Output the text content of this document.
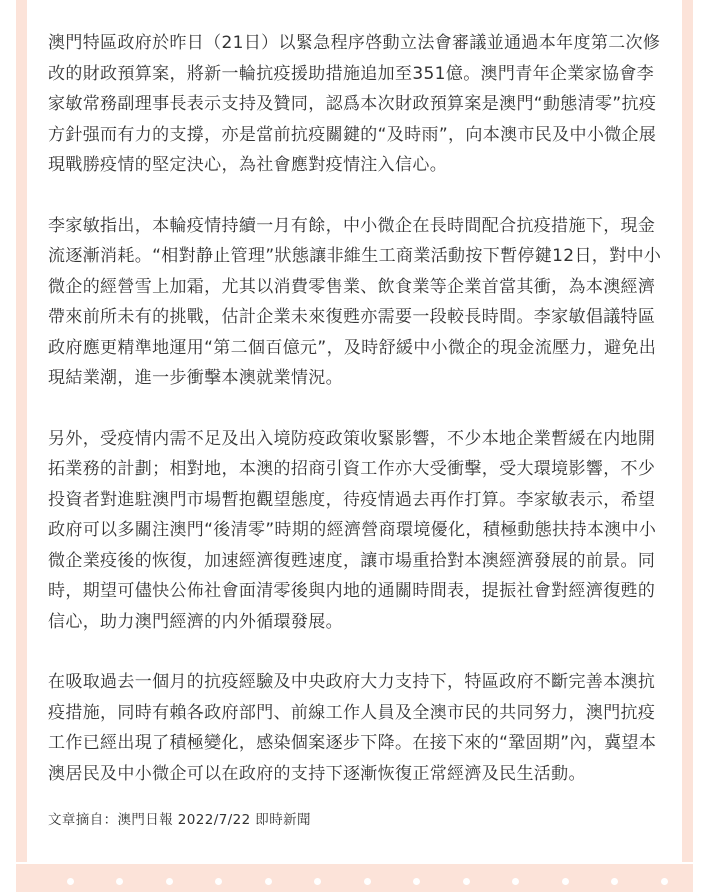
澳門特區政府於昨日（21日）以緊急程序啓動立法會審議並通過本年度第二次修改的財政預算案，將新一輪抗疫援助措施追加至351億。澳門青年企業家協會李家敏常務副理事長表示支持及贊同，認爲本次財政預算案是澳門“動態清零”抗疫方針强而有力的支撐，亦是當前抗疫關鍵的“及時雨”，向本澳市民及中小微企展現戰勝疫情的堅定決心，為社會應對疫情注入信心。

李家敏指出，本輪疫情持續一月有餘，中小微企在長時間配合抗疫措施下，現金流逐漸消耗。“相對静止管理”狀態讓非維生工商業活動按下暫停鍵12日，對中小微企的經營雪上加霜，尤其以消費零售業、飲食業等企業首當其衝，為本澳經濟帶來前所未有的挑戰，估計企業未來復甦亦需要一段較長時間。李家敏倡議特區政府應更精準地運用“第二個百億元”，及時舒緩中小微企的現金流壓力，避免出現結業潮，進一步衝擊本澳就業情況。

另外，受疫情内需不足及出入境防疫政策收緊影響，不少本地企業暫緩在内地開拓業務的計劃；相對地，本澳的招商引資工作亦大受衝擊，受大環境影響，不少投資者對進駐澳門市場暫抱觀望態度，待疫情過去再作打算。李家敏表示，希望政府可以多關注澳門“後清零”時期的經濟營商環境優化，積極動態扶持本澳中小微企業疫後的恢復，加速經濟復甦速度，讓市場重拾對本澳經濟發展的前景。同時，期望可儘快公佈社會面清零後與内地的通關時間表，提振社會對經濟復甦的信心，助力澳門經濟的内外循環發展。

在吸取過去一個月的抗疫經驗及中央政府大力支持下，特區政府不斷完善本澳抗疫措施，同時有賴各政府部門、前線工作人員及全澳市民的共同努力，澳門抗疫工作已經出現了積極變化，感染個案逐步下降。在接下來的“鞏固期”內，冀望本澳居民及中小微企可以在政府的支持下逐漸恢復正常經濟及民生活動。

文章摘自：澳門日報 2022/7/22 即時新聞
